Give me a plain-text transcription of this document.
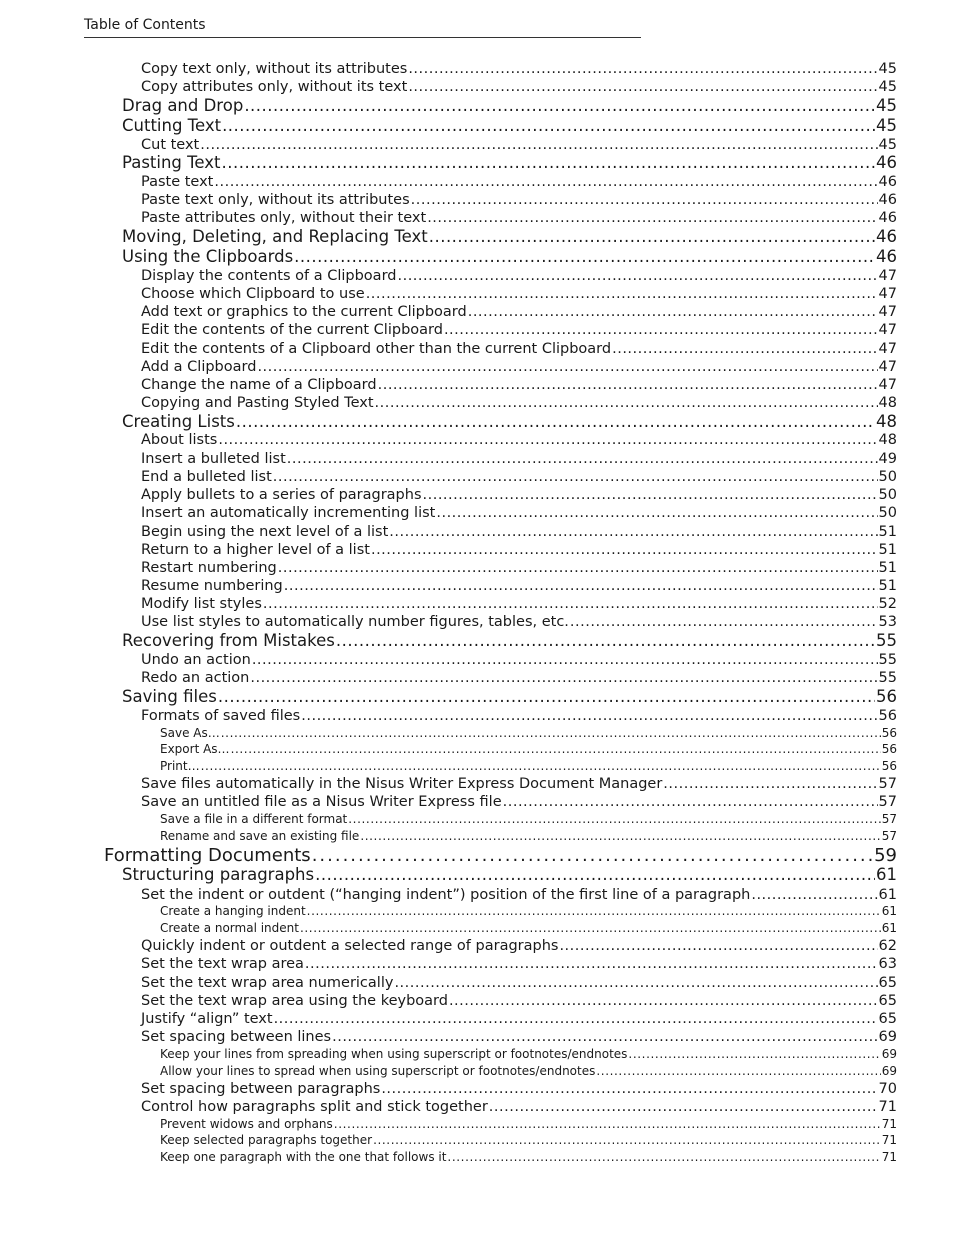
Table of Contents
Copy text only, without its attributes .....	45
Copy attributes only, without its text .....	45
Drag and Drop .....	45
Cutting Text .....	45
Cut text .....	45
Pasting Text .....	46
Paste text .....	46
Paste text only, without its attributes .....	46
Paste attributes only, without their text .....	46
Moving, Deleting, and Replacing Text .....	46
Using the Clipboards .....	46
Display the contents of a Clipboard .....	47
Choose which Clipboard to use .....	47
Add text or graphics to the current Clipboard .....	47
Edit the contents of the current Clipboard .....	47
Edit the contents of a Clipboard other than the current Clipboard .....	47
Add a Clipboard .....	47
Change the name of a Clipboard .....	47
Copying and Pasting Styled Text .....	48
Creating Lists .....	48
About lists .....	48
Insert a bulleted list .....	49
End a bulleted list .....	50
Apply bullets to a series of paragraphs .....	50
Insert an automatically incrementing list .....	50
Begin using the next level of a list .....	51
Return to a higher level of a list .....	51
Restart numbering .....	51
Resume numbering .....	51
Modify list styles .....	52
Use list styles to automatically number figures, tables, etc. .....	53
Recovering from Mistakes .....	55
Undo an action .....	55
Redo an action .....	55
Saving files .....	56
Formats of saved files .....	56
Save As… .....	56
Export As… .....	56
Print… .....	56
Save files automatically in the Nisus Writer Express Document Manager .....	57
Save an untitled file as a Nisus Writer Express file .....	57
Save a file in a different format .....	57
Rename and save an existing file .....	57
Formatting Documents .....	59
Structuring paragraphs .....	61
Set the indent or outdent (“hanging indent”) position of the first line of a paragraph .....	61
Create a hanging indent .....	61
Create a normal indent .....	61
Quickly indent or outdent a selected range of paragraphs .....	62
Set the text wrap area .....	63
Set the text wrap area numerically .....	65
Set the text wrap area using the keyboard .....	65
Justify “align” text .....	65
Set spacing between lines .....	69
Keep your lines from spreading when using superscript or footnotes/endnotes .....	69
Allow your lines to spread when using superscript or footnotes/endnotes .....	69
Set spacing between paragraphs .....	70
Control how paragraphs split and stick together .....	71
Prevent widows and orphans .....	71
Keep selected paragraphs together .....	71
Keep one paragraph with the one that follows it .....	71
